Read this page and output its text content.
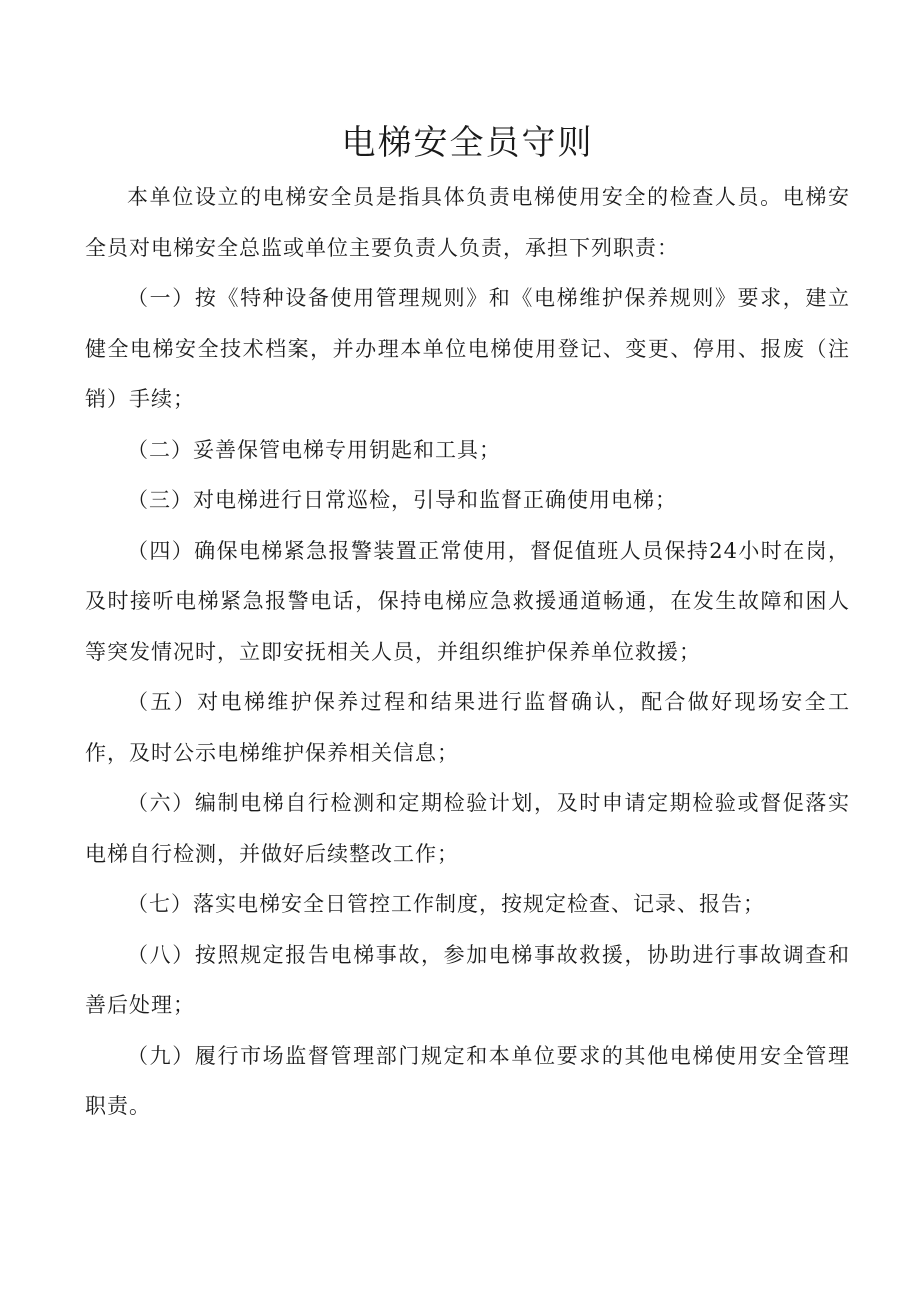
电梯安全员守则

本单位设立的电梯安全员是指具体负责电梯使用安全的检查人员。电梯安全员对电梯安全总监或单位主要负责人负责，承担下列职责：

（一）按《特种设备使用管理规则》和《电梯维护保养规则》要求，建立健全电梯安全技术档案，并办理本单位电梯使用登记、变更、停用、报废（注销）手续；

（二）妥善保管电梯专用钥匙和工具；

（三）对电梯进行日常巡检，引导和监督正确使用电梯；

（四）确保电梯紧急报警装置正常使用，督促值班人员保持24小时在岗，及时接听电梯紧急报警电话，保持电梯应急救援通道畅通，在发生故障和困人等突发情况时，立即安抚相关人员，并组织维护保养单位救援；

（五）对电梯维护保养过程和结果进行监督确认，配合做好现场安全工作，及时公示电梯维护保养相关信息；

（六）编制电梯自行检测和定期检验计划，及时申请定期检验或督促落实电梯自行检测，并做好后续整改工作；

（七）落实电梯安全日管控工作制度，按规定检查、记录、报告；

（八）按照规定报告电梯事故，参加电梯事故救援，协助进行事故调查和善后处理；

（九）履行市场监督管理部门规定和本单位要求的其他电梯使用安全管理职责。
